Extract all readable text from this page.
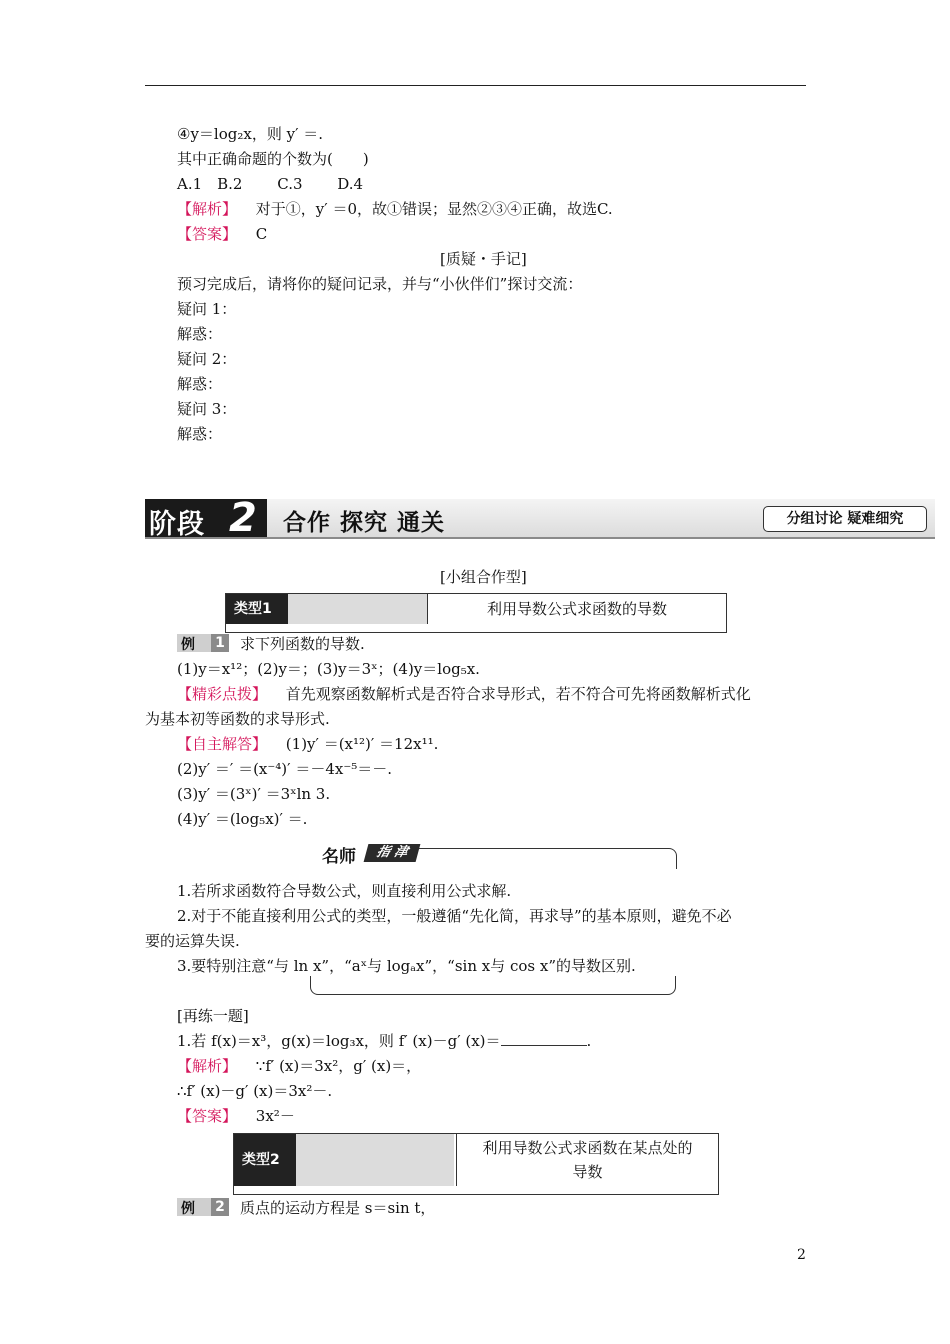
④y＝log₂x，则 y′ ＝.
其中正确命题的个数为(　　)
A.1　B.2　　 C.3　　 D.4
【解析】 对于①，y′ ＝0，故①错误；显然②③④正确，故选C.
【答案】 C
[质疑・手记]
预习完成后，请将你的疑问记录，并与“小伙伴们”探讨交流：
疑问 1：
解惑：
疑问 2：
解惑：
疑问 3：
解惑：
阶段 2	合作 探究 通关	分组讨论 疑难细究
[小组合作型]
类型1	利用导数公式求函数的导数
例	1 求下列函数的导数.
(1)y＝x¹²；(2)y＝；(3)y＝3ˣ；(4)y＝log₅x.
【精彩点拨】 首先观察函数解析式是否符合求导形式，若不符合可先将函数解析式化
为基本初等函数的求导形式.
【自主解答】 (1)y′ ＝(x¹²)′ ＝12x¹¹.
(2)y′ ＝′ ＝(x⁻⁴)′ ＝－4x⁻⁵＝－.
(3)y′ ＝(3ˣ)′ ＝3ˣln 3.
(4)y′ ＝(log₅x)′ ＝.
名师	指 津
1.若所求函数符合导数公式，则直接利用公式求解.
2.对于不能直接利用公式的类型，一般遵循“先化简，再求导”的基本原则，避免不必
要的运算失误.
3.要特别注意“与 ln x”，“aˣ与 logₐx”，“sin x与 cos x”的导数区别.
[再练一题]
1.若 f(x)＝x³，g(x)＝log₃x，则 f′ (x)－g′ (x)＝	.
【解析】 ∵f′ (x)＝3x²，g′ (x)＝，
∴f′ (x)－g′ (x)＝3x²－.
【答案】 3x²－
类型2
利用导数公式求函数在某点处的
导数
例	2 质点的运动方程是 s＝sin t，
2
